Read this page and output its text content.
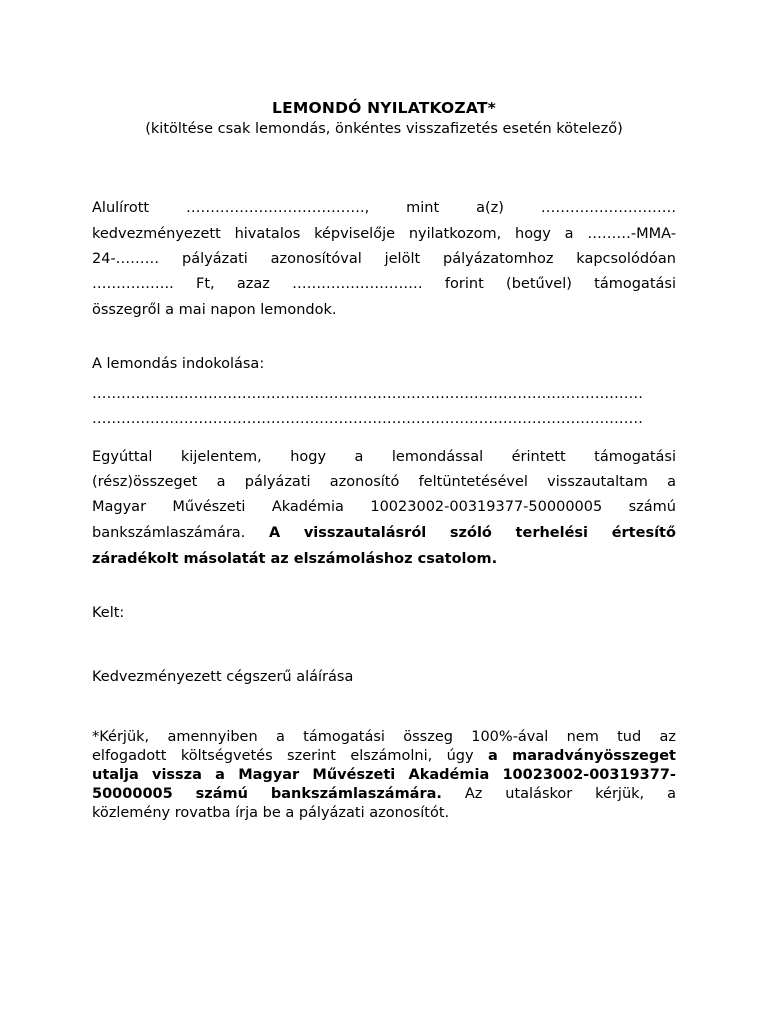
LEMONDÓ NYILATKOZAT*
(kitöltése csak lemondás, önkéntes visszafizetés esetén kötelező)
Alulírott	……………………………….,	mint	a(z)	……………………….
kedvezményezett hivatalos képviselője nyilatkozom, hogy a ………-MMA-
24-……… pályázati azonosítóval jelölt pályázatomhoz kapcsolódóan
…………….. Ft, azaz ……………………… forint (betűvel) támogatási
összegről a mai napon lemondok.
A lemondás indokolása:
……………………………………………………………………………………………………
……………………………………………………………………………………………………
Egyúttal kijelentem, hogy a lemondással érintett támogatási
(rész)összeget a pályázati azonosító feltüntetésével visszautaltam a
Magyar Művészeti Akadémia 10023002-00319377-50000005 számú
bankszámlaszámára. A visszautalásról szóló terhelési értesítő
záradékolt másolatát az elszámoláshoz csatolom.
Kelt:
Kedvezményezett cégszerű aláírása
*Kérjük, amennyiben a támogatási összeg 100%-ával nem tud az
elfogadott költségvetés szerint elszámolni, úgy a maradványösszeget
utalja vissza a Magyar Művészeti Akadémia 10023002-00319377-
50000005 számú bankszámlaszámára. Az utaláskor kérjük, a
közlemény rovatba írja be a pályázati azonosítót.
